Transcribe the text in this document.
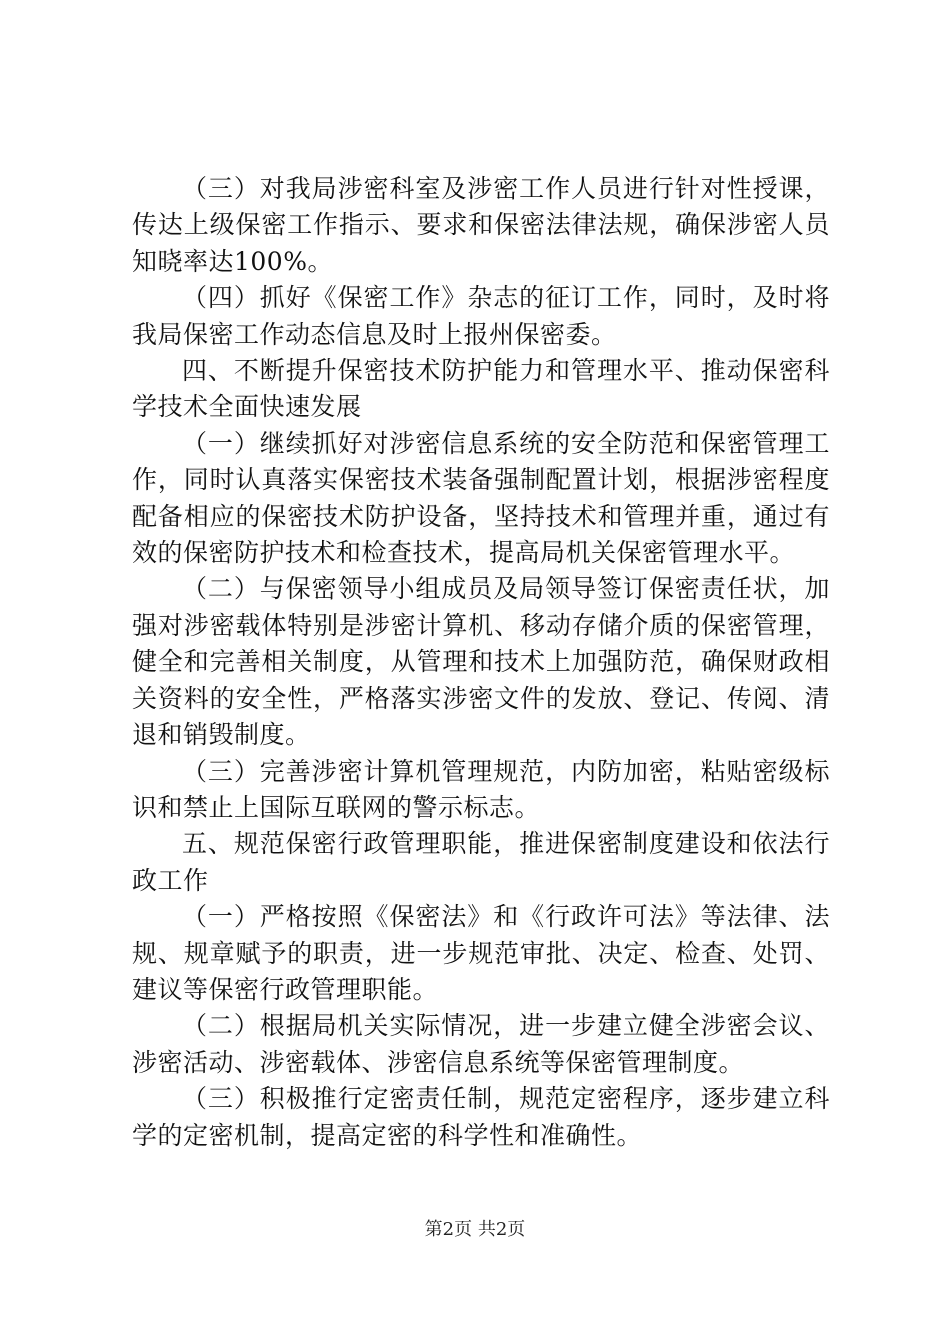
（三）对我局涉密科室及涉密工作人员进行针对性授课，传达上级保密工作指示、要求和保密法律法规，确保涉密人员知晓率达100%。

（四）抓好《保密工作》杂志的征订工作，同时，及时将我局保密工作动态信息及时上报州保密委。

四、不断提升保密技术防护能力和管理水平、推动保密科学技术全面快速发展

（一）继续抓好对涉密信息系统的安全防范和保密管理工作，同时认真落实保密技术装备强制配置计划，根据涉密程度配备相应的保密技术防护设备，坚持技术和管理并重，通过有效的保密防护技术和检查技术，提高局机关保密管理水平。

（二）与保密领导小组成员及局领导签订保密责任状，加强对涉密载体特别是涉密计算机、移动存储介质的保密管理，健全和完善相关制度，从管理和技术上加强防范，确保财政相关资料的安全性，严格落实涉密文件的发放、登记、传阅、清退和销毁制度。

（三）完善涉密计算机管理规范，内防加密，粘贴密级标识和禁止上国际互联网的警示标志。

五、规范保密行政管理职能，推进保密制度建设和依法行政工作

（一）严格按照《保密法》和《行政许可法》等法律、法规、规章赋予的职责，进一步规范审批、决定、检查、处罚、建议等保密行政管理职能。

（二）根据局机关实际情况，进一步建立健全涉密会议、涉密活动、涉密载体、涉密信息系统等保密管理制度。

（三）积极推行定密责任制，规范定密程序，逐步建立科学的定密机制，提高定密的科学性和准确性。

第2页 共2页
